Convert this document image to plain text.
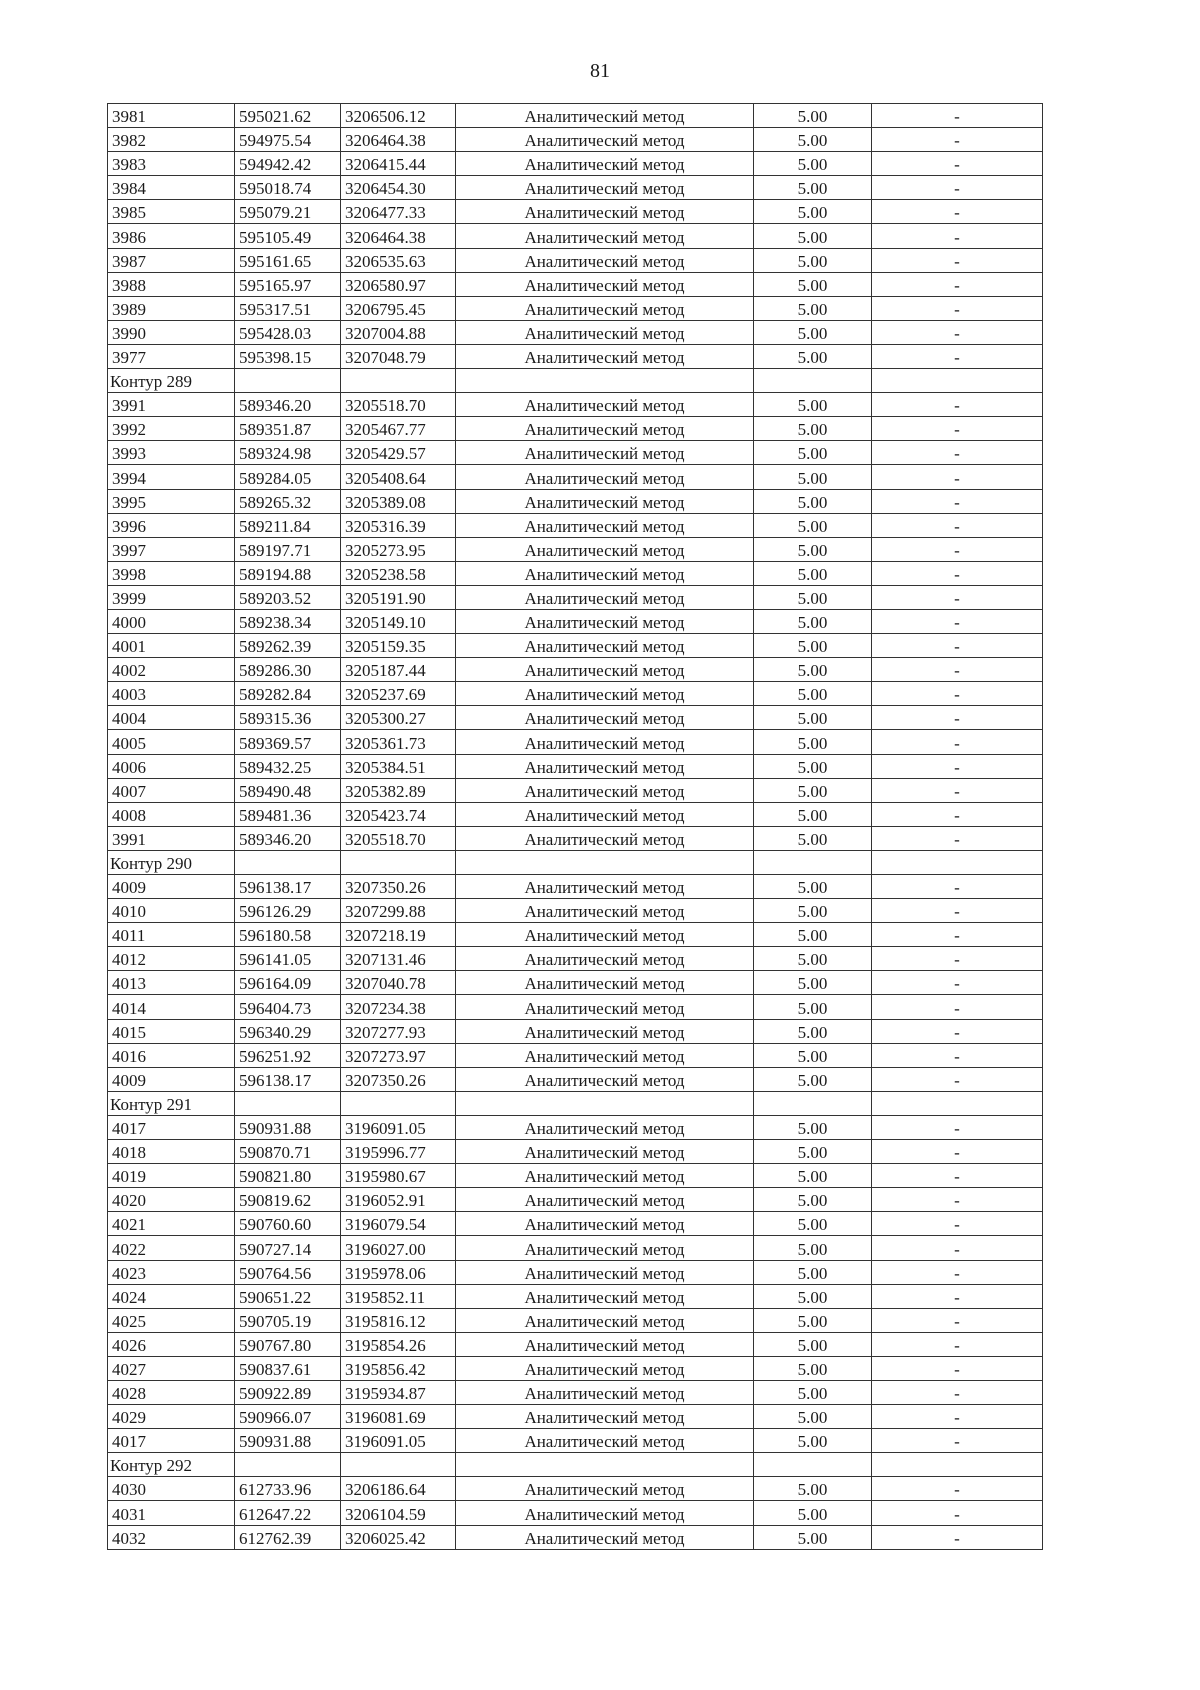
81
3981	595021.62	3206506.12	Аналитический метод	5.00	-
3982	594975.54	3206464.38	Аналитический метод	5.00	-
3983	594942.42	3206415.44	Аналитический метод	5.00	-
3984	595018.74	3206454.30	Аналитический метод	5.00	-
3985	595079.21	3206477.33	Аналитический метод	5.00	-
3986	595105.49	3206464.38	Аналитический метод	5.00	-
3987	595161.65	3206535.63	Аналитический метод	5.00	-
3988	595165.97	3206580.97	Аналитический метод	5.00	-
3989	595317.51	3206795.45	Аналитический метод	5.00	-
3990	595428.03	3207004.88	Аналитический метод	5.00	-
3977	595398.15	3207048.79	Аналитический метод	5.00	-
Контур 289					
3991	589346.20	3205518.70	Аналитический метод	5.00	-
3992	589351.87	3205467.77	Аналитический метод	5.00	-
3993	589324.98	3205429.57	Аналитический метод	5.00	-
3994	589284.05	3205408.64	Аналитический метод	5.00	-
3995	589265.32	3205389.08	Аналитический метод	5.00	-
3996	589211.84	3205316.39	Аналитический метод	5.00	-
3997	589197.71	3205273.95	Аналитический метод	5.00	-
3998	589194.88	3205238.58	Аналитический метод	5.00	-
3999	589203.52	3205191.90	Аналитический метод	5.00	-
4000	589238.34	3205149.10	Аналитический метод	5.00	-
4001	589262.39	3205159.35	Аналитический метод	5.00	-
4002	589286.30	3205187.44	Аналитический метод	5.00	-
4003	589282.84	3205237.69	Аналитический метод	5.00	-
4004	589315.36	3205300.27	Аналитический метод	5.00	-
4005	589369.57	3205361.73	Аналитический метод	5.00	-
4006	589432.25	3205384.51	Аналитический метод	5.00	-
4007	589490.48	3205382.89	Аналитический метод	5.00	-
4008	589481.36	3205423.74	Аналитический метод	5.00	-
3991	589346.20	3205518.70	Аналитический метод	5.00	-
Контур 290					
4009	596138.17	3207350.26	Аналитический метод	5.00	-
4010	596126.29	3207299.88	Аналитический метод	5.00	-
4011	596180.58	3207218.19	Аналитический метод	5.00	-
4012	596141.05	3207131.46	Аналитический метод	5.00	-
4013	596164.09	3207040.78	Аналитический метод	5.00	-
4014	596404.73	3207234.38	Аналитический метод	5.00	-
4015	596340.29	3207277.93	Аналитический метод	5.00	-
4016	596251.92	3207273.97	Аналитический метод	5.00	-
4009	596138.17	3207350.26	Аналитический метод	5.00	-
Контур 291					
4017	590931.88	3196091.05	Аналитический метод	5.00	-
4018	590870.71	3195996.77	Аналитический метод	5.00	-
4019	590821.80	3195980.67	Аналитический метод	5.00	-
4020	590819.62	3196052.91	Аналитический метод	5.00	-
4021	590760.60	3196079.54	Аналитический метод	5.00	-
4022	590727.14	3196027.00	Аналитический метод	5.00	-
4023	590764.56	3195978.06	Аналитический метод	5.00	-
4024	590651.22	3195852.11	Аналитический метод	5.00	-
4025	590705.19	3195816.12	Аналитический метод	5.00	-
4026	590767.80	3195854.26	Аналитический метод	5.00	-
4027	590837.61	3195856.42	Аналитический метод	5.00	-
4028	590922.89	3195934.87	Аналитический метод	5.00	-
4029	590966.07	3196081.69	Аналитический метод	5.00	-
4017	590931.88	3196091.05	Аналитический метод	5.00	-
Контур 292					
4030	612733.96	3206186.64	Аналитический метод	5.00	-
4031	612647.22	3206104.59	Аналитический метод	5.00	-
4032	612762.39	3206025.42	Аналитический метод	5.00	-
